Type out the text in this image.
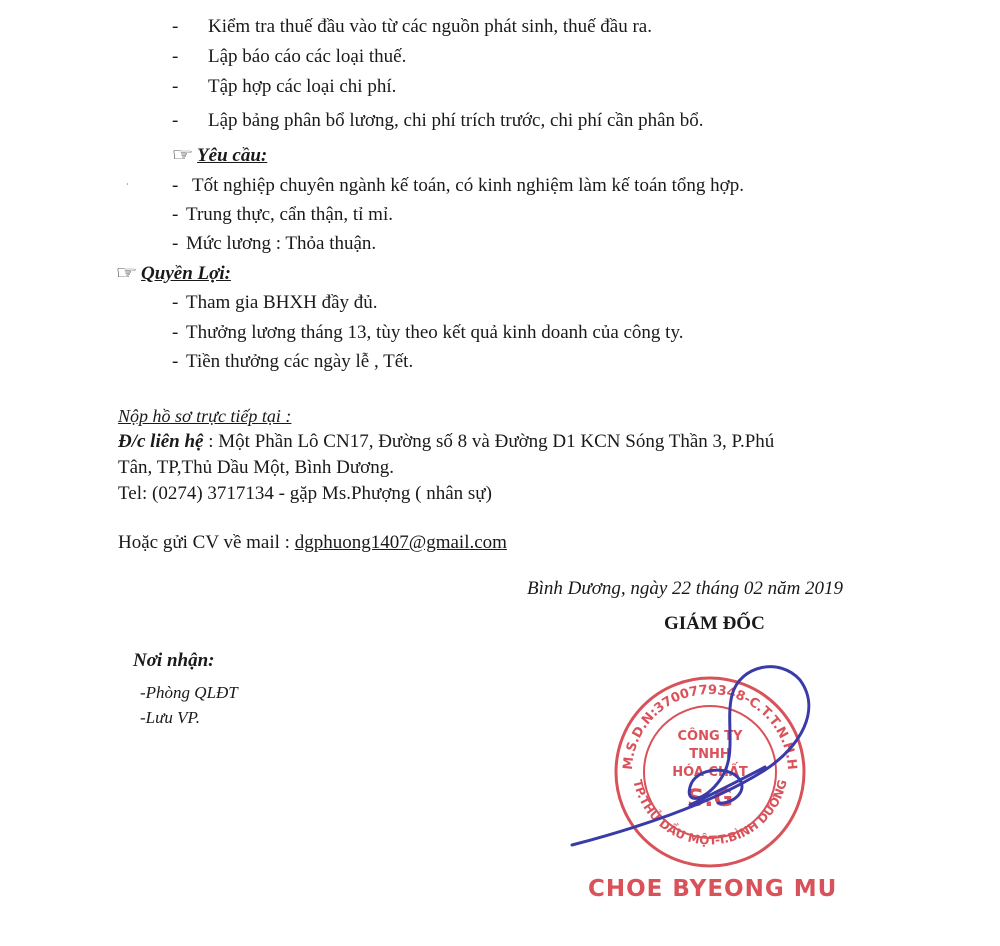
- Kiểm tra thuế đầu vào từ các nguồn phát sinh, thuế đầu ra.
- Lập báo cáo các loại thuế.
- Tập hợp các loại chi phí.
- Lập bảng phân bổ lương, chi phí trích trước, chi phí cần phân bổ.
☞ Yêu cầu:
· - Tốt nghiệp chuyên ngành kế toán, có kinh nghiệm làm kế toán tổng hợp.
- Trung thực, cẩn thận, tỉ mỉ.
- Mức lương : Thỏa thuận.
☞ Quyền Lợi:
- Tham gia BHXH đầy đủ.
- Thưởng lương tháng 13, tùy theo kết quả kinh doanh của công ty.
- Tiền thưởng các ngày lễ , Tết.
Nộp hồ sơ trực tiếp tại :
Đ/c liên hệ : Một Phần Lô CN17, Đường số 8 và Đường D1 KCN Sóng Thần 3, P.Phú
Tân, TP,Thủ Dầu Một, Bình Dương.
Tel: (0274) 3717134 - gặp Ms.Phượng ( nhân sự)
Hoặc gửi CV về mail : dgphuong1407@gmail.com
Bình Dương, ngày 22 tháng 02 năm 2019
GIÁM ĐỐC
Nơi nhận:
-Phòng QLĐT
-Lưu VP.
M.S.D.N:3700779348-C.T.T.N.H.H
TP.THỦ DẦU MỘT-T.BÌNH DƯƠNG
CÔNG TY
TNHH
HÓA CHẤT
S.G
CHOE BYEONG MU
